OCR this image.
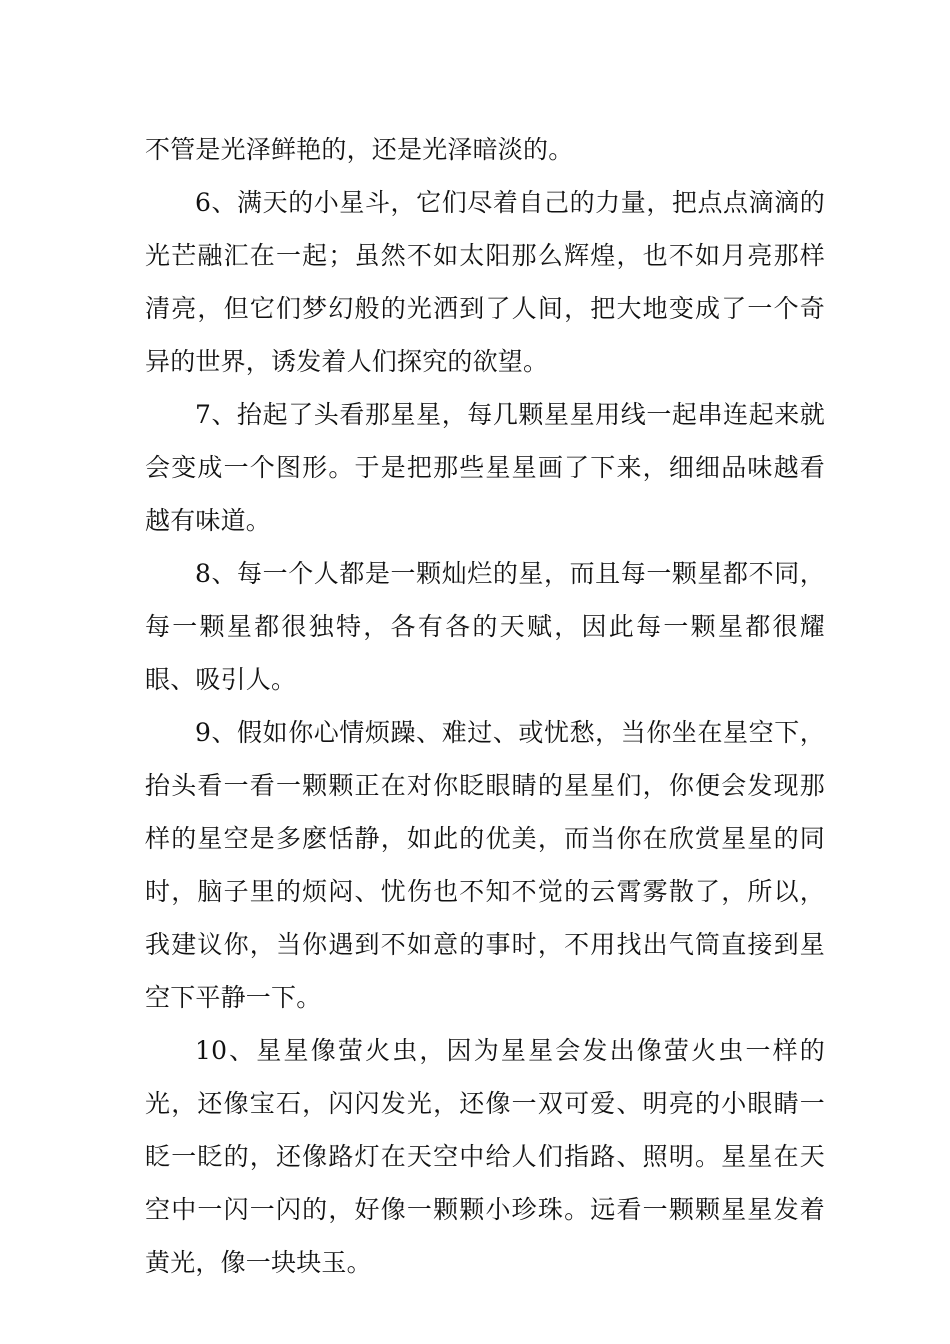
不管是光泽鲜艳的，还是光泽暗淡的。

6、满天的小星斗，它们尽着自己的力量，把点点滴滴的光芒融汇在一起；虽然不如太阳那么辉煌，也不如月亮那样清亮，但它们梦幻般的光洒到了人间，把大地变成了一个奇异的世界，诱发着人们探究的欲望。

7、抬起了头看那星星，每几颗星星用线一起串连起来就会变成一个图形。于是把那些星星画了下来，细细品味越看越有味道。

8、每一个人都是一颗灿烂的星，而且每一颗星都不同，每一颗星都很独特，各有各的天赋，因此每一颗星都很耀眼、吸引人。

9、假如你心情烦躁、难过、或忧愁，当你坐在星空下，抬头看一看一颗颗正在对你眨眼睛的星星们，你便会发现那样的星空是多麽恬静，如此的优美，而当你在欣赏星星的同时，脑子里的烦闷、忧伤也不知不觉的云霄雾散了，所以，我建议你，当你遇到不如意的事时，不用找出气筒直接到星空下平静一下。

10、星星像萤火虫，因为星星会发出像萤火虫一样的光，还像宝石，闪闪发光，还像一双可爱、明亮的小眼睛一眨一眨的，还像路灯在天空中给人们指路、照明。星星在天空中一闪一闪的，好像一颗颗小珍珠。远看一颗颗星星发着黄光，像一块块玉。
